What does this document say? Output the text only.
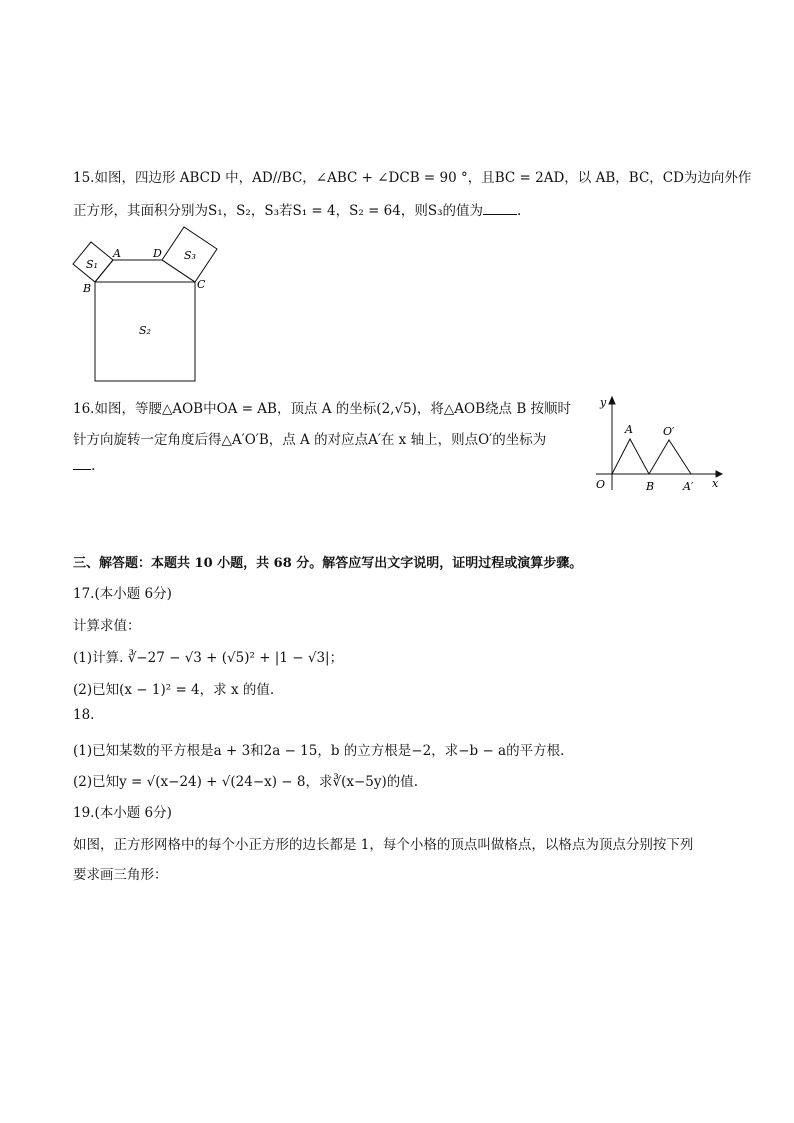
15.如图，四边形 ABCD 中，AD//BC，∠ABC + ∠DCB = 90 °，且BC = 2AD，以 AB，BC，CD为边向外作
正方形，其面积分别为S₁，S₂，S₃若S₁ = 4，S₂ = 64，则S₃的值为	.
A	D
B	C
S₁
S₂
S₃
16.如图，等腰△AOB中OA = AB，顶点 A 的坐标(2,√5)，将△AOB绕点 B 按顺时
针方向旋转一定角度后得△A′O′B，点 A 的对应点A′在 x 轴上，则点O′的坐标为
.
y
x
O
A
B
O′
A′
三、解答题：本题共 10 小题，共 68 分。解答应写出文字说明，证明过程或演算步骤。
17.(本小题 6分)
计算求值：
(1)计算. ∛−27 − √3 + (√5)² + |1 − √3|；
(2)已知(x − 1)² = 4，求 x 的值.
18.
(1)已知某数的平方根是a + 3和2a − 15，b 的立方根是−2，求−b − a的平方根.
(2)已知y = √(x−24) + √(24−x) − 8，求∛(x−5y)的值.
19.(本小题 6分)
如图，正方形网格中的每个小正方形的边长都是 1，每个小格的顶点叫做格点，以格点为顶点分别按下列
要求画三角形：
